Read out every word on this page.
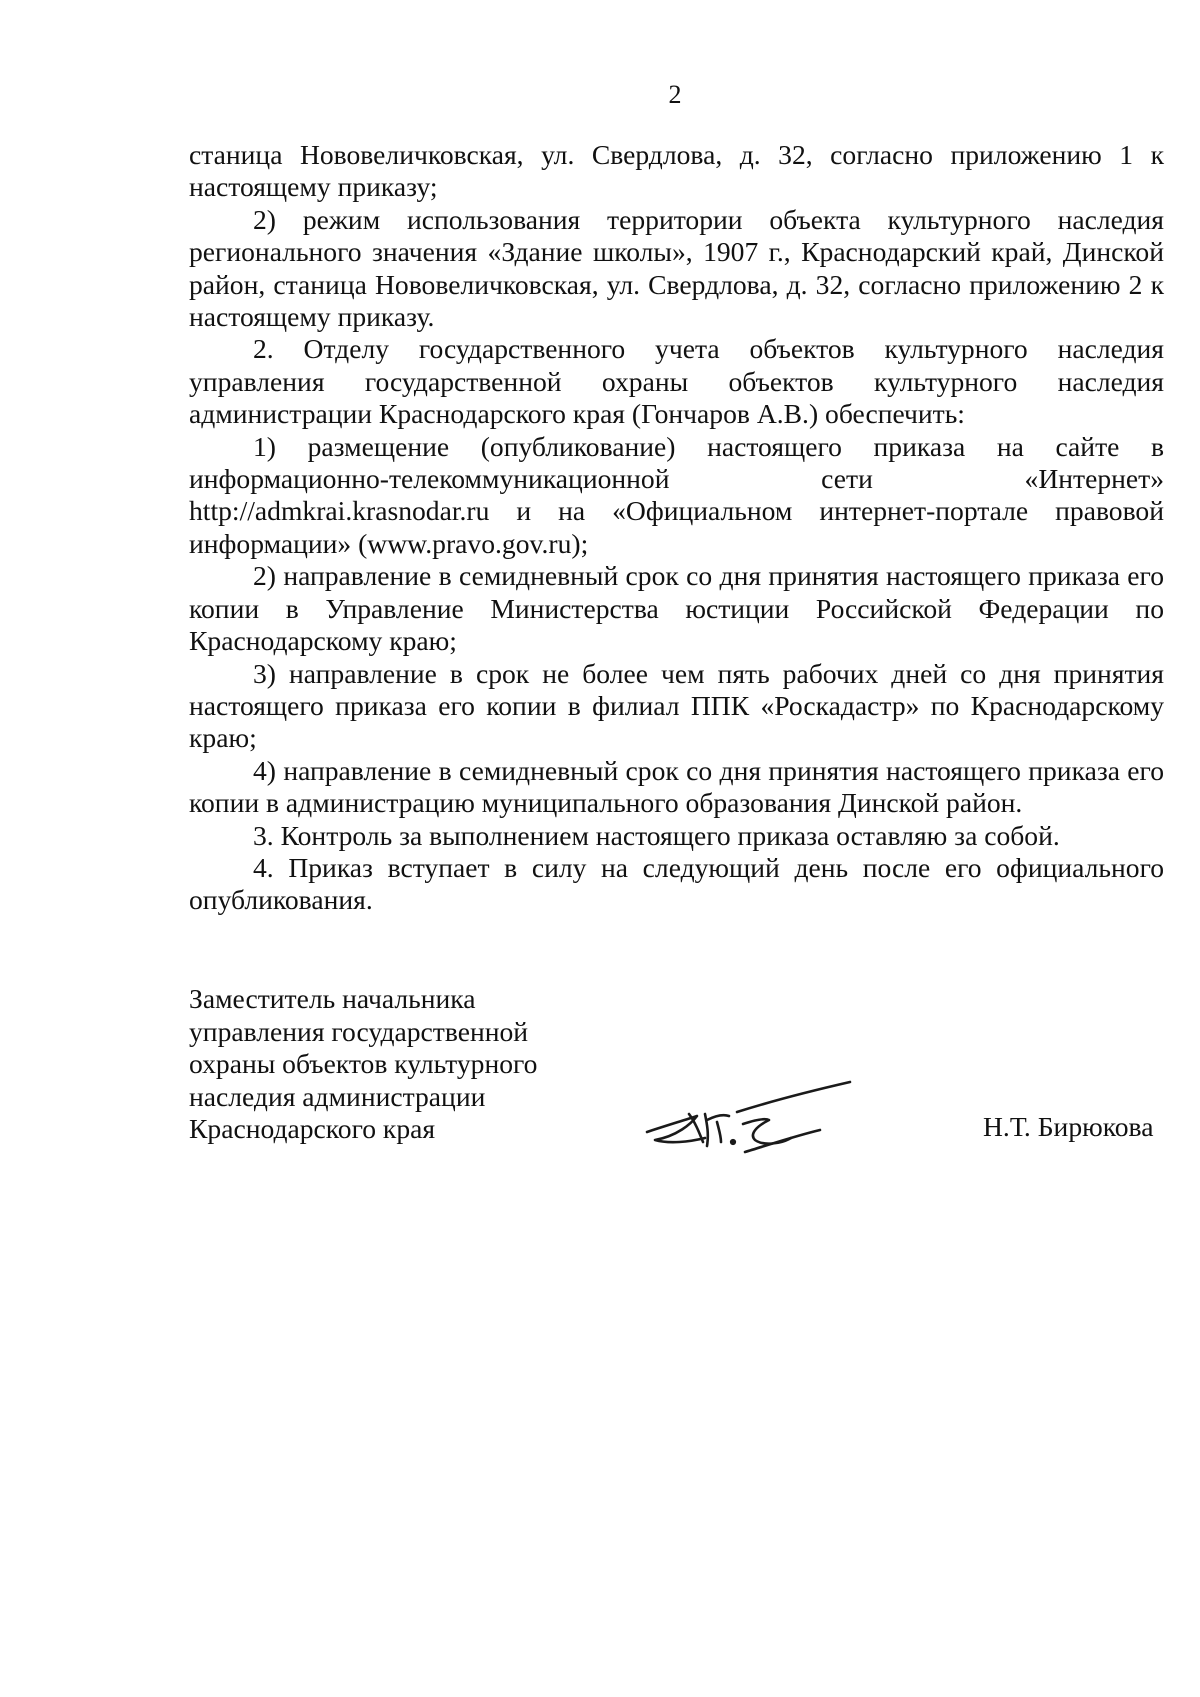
2

станица Нововеличковская, ул. Свердлова, д. 32, согласно приложению 1 к настоящему приказу;

2) режим использования территории объекта культурного наследия регионального значения «Здание школы», 1907 г., Краснодарский край, Динской район, станица Нововеличковская, ул. Свердлова, д. 32, согласно приложению 2 к настоящему приказу.

2. Отделу государственного учета объектов культурного наследия управления государственной охраны объектов культурного наследия администрации Краснодарского края (Гончаров А.В.) обеспечить:

1) размещение (опубликование) настоящего приказа на сайте в информационно-телекоммуникационной сети «Интернет» http://admkrai.krasnodar.ru и на «Официальном интернет-портале правовой информации» (www.pravo.gov.ru);

2) направление в семидневный срок со дня принятия настоящего приказа его копии в Управление Министерства юстиции Российской Федерации по Краснодарскому краю;

3) направление в срок не более чем пять рабочих дней со дня принятия настоящего приказа его копии в филиал ППК «Роскадастр» по Краснодарскому краю;

4) направление в семидневный срок со дня принятия настоящего приказа его копии в администрацию муниципального образования Динской район.

3. Контроль за выполнением настоящего приказа оставляю за собой.

4. Приказ вступает в силу на следующий день после его официального опубликования.

Заместитель начальника
управления государственной
охраны объектов культурного
наследия администрации
Краснодарского края	Н.Т. Бирюкова
